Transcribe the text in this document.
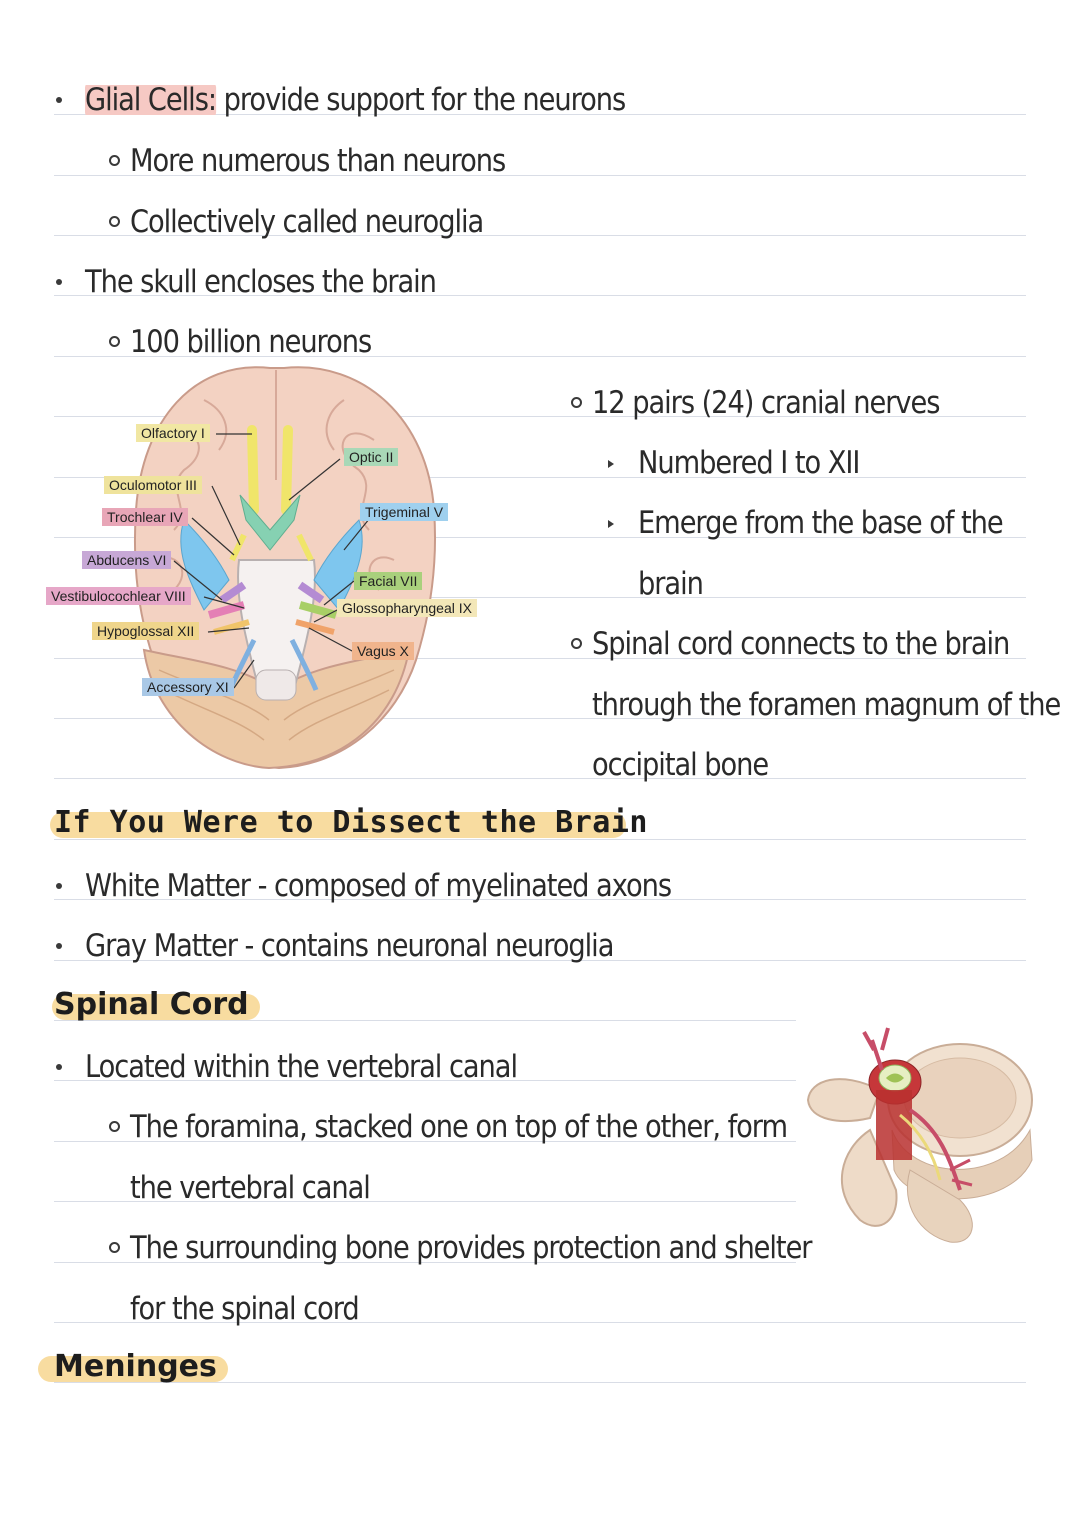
Glial Cells: provide support for the neurons
More numerous than neurons
Collectively called neuroglia
The skull encloses the brain
100 billion neurons
Olfactory I
Optic II
Oculomotor III
Trochlear IV	Trigeminal V
Abducens VI
Facial VII
Vestibulocochlear VIII
Glossopharyngeal IX
Hypoglossal XII
Vagus X
Accessory XI
12 pairs (24) cranial nerves
Numbered I to XII
Emerge from the base of the
brain
Spinal cord connects to the brain
through the foramen magnum of the
occipital bone
If You Were to Dissect the Brain
White Matter - composed of myelinated axons
Gray Matter - contains neuronal neuroglia
Spinal Cord
Located within the vertebral canal
The foramina, stacked one on top of the other, form
the vertebral canal
The surrounding bone provides protection and shelter
for the spinal cord
Meninges
